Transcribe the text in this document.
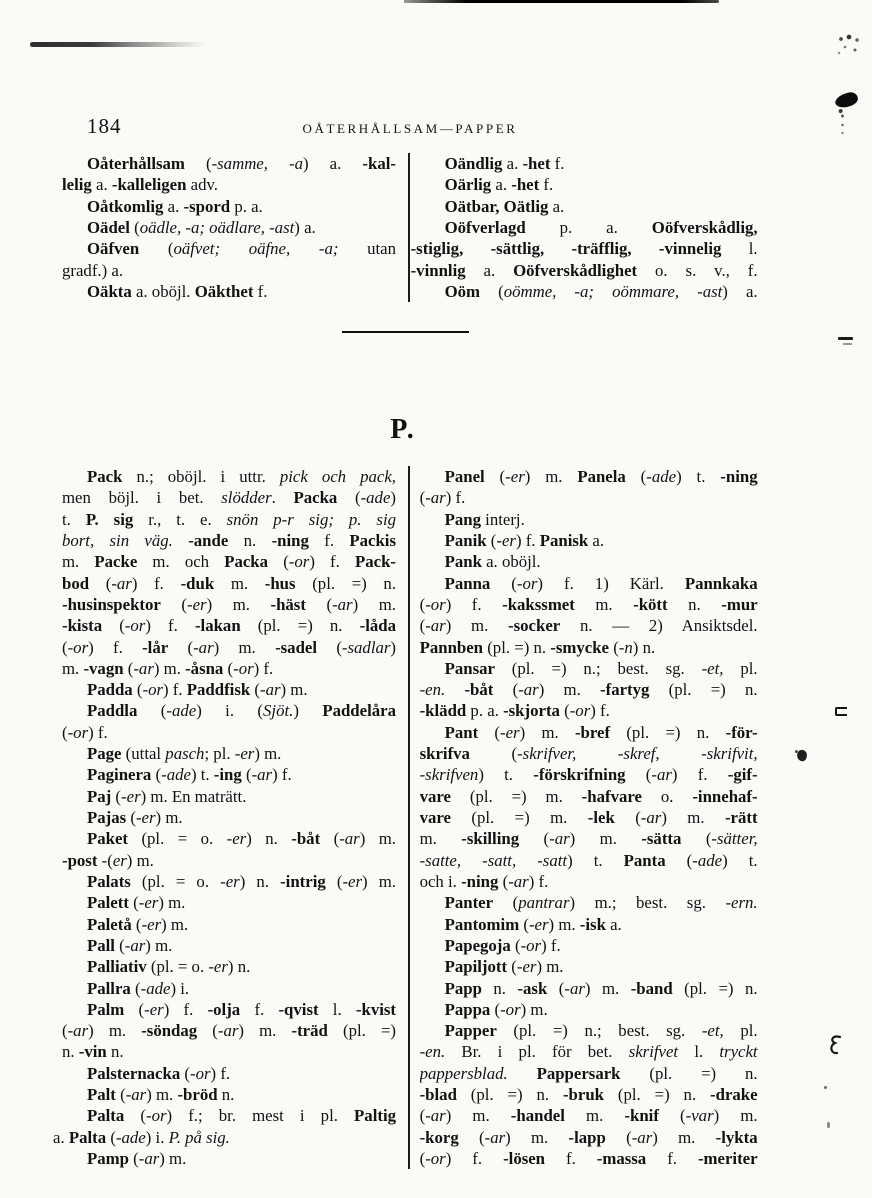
184	OÅTERHÅLLSAM—PAPPER
Oåterhållsam (-samme, -a) a. -kal-
lelig a. -kalleligen adv.
Oåtkomlig a. -spord p. a.
Oädel (oädle, -a; oädlare, -ast) a.
Oäfven (oäfvet; oäfne, -a; utan
gradf.) a.
Oäkta a. oböjl. Oäkthet f.
Oändlig a. -het f.
Oärlig a. -het f.
Oätbar, Oätlig a.
Oöfverlagd p. a. Oöfverskådlig,
-stiglig, -sättlig, -träfflig, -vinnelig l.
-vinnlig a. Oöfverskådlighet o. s. v., f.
Oöm (oömme, -a; oömmare, -ast) a.
P.
Pack n.; oböjl. i uttr. pick och pack,
men böjl. i bet. slödder. Packa (-ade)
t. P. sig r., t. e. snön p-r sig; p. sig
bort, sin väg. -ande n. -ning f. Packis
m. Packe m. och Packa (-or) f. Pack-
bod (-ar) f. -duk m. -hus (pl. =) n.
-husinspektor (-er) m. -häst (-ar) m.
-kista (-or) f. -lakan (pl. =) n. -låda
(-or) f. -lår (-ar) m. -sadel (-sadlar)
m. -vagn (-ar) m. -åsna (-or) f.
Padda (-or) f. Paddfisk (-ar) m.
Paddla (-ade) i. (Sjöt.) Paddelåra
(-or) f.
Page (uttal pasch; pl. -er) m.
Paginera (-ade) t. -ing (-ar) f.
Paj (-er) m. En maträtt.
Pajas (-er) m.
Paket (pl. = o. -er) n. -båt (-ar) m.
-post -(er) m.
Palats (pl. = o. -er) n. -intrig (-er) m.
Palett (-er) m.
Paletå (-er) m.
Pall (-ar) m.
Palliativ (pl. = o. -er) n.
Pallra (-ade) i.
Palm (-er) f. -olja f. -qvist l. -kvist
(-ar) m. -söndag (-ar) m. -träd (pl. =)
n. -vin n.
Palsternacka (-or) f.
Palt (-ar) m. -bröd n.
Palta (-or) f.; br. mest i pl. Paltig
a. Palta (-ade) i. P. på sig.
Pamp (-ar) m.
Panel (-er) m. Panela (-ade) t. -ning
(-ar) f.
Pang interj.
Panik (-er) f. Panisk a.
Pank a. oböjl.
Panna (-or) f. 1) Kärl. Pannkaka
(-or) f. -kakssmet m. -kött n. -mur
(-ar) m. -socker n. — 2) Ansiktsdel.
Pannben (pl. =) n. -smycke (-n) n.
Pansar (pl. =) n.; best. sg. -et, pl.
-en. -båt (-ar) m. -fartyg (pl. =) n.
-klädd p. a. -skjorta (-or) f.
Pant (-er) m. -bref (pl. =) n. -för-
skrifva (-skrifver, -skref, -skrifvit,
-skrifven) t. -förskrifning (-ar) f. -gif-
vare (pl. =) m. -hafvare o. -innehaf-
vare (pl. =) m. -lek (-ar) m. -rätt
m. -skilling (-ar) m. -sätta (-sätter,
-satte, -satt, -satt) t. Panta (-ade) t.
och i. -ning (-ar) f.
Panter (pantrar) m.; best. sg. -ern.
Pantomim (-er) m. -isk a.
Papegoja (-or) f.
Papiljott (-er) m.
Papp n. -ask (-ar) m. -band (pl. =) n.
Pappa (-or) m.
Papper (pl. =) n.; best. sg. -et, pl.
-en. Br. i pl. för bet. skrifvet l. tryckt
pappersblad. Pappersark (pl. =) n.
-blad (pl. =) n. -bruk (pl. =) n. -drake
(-ar) m. -handel m. -knif (-var) m.
-korg (-ar) m. -lapp (-ar) m. -lykta
(-or) f. -lösen f. -massa f. -meriter
